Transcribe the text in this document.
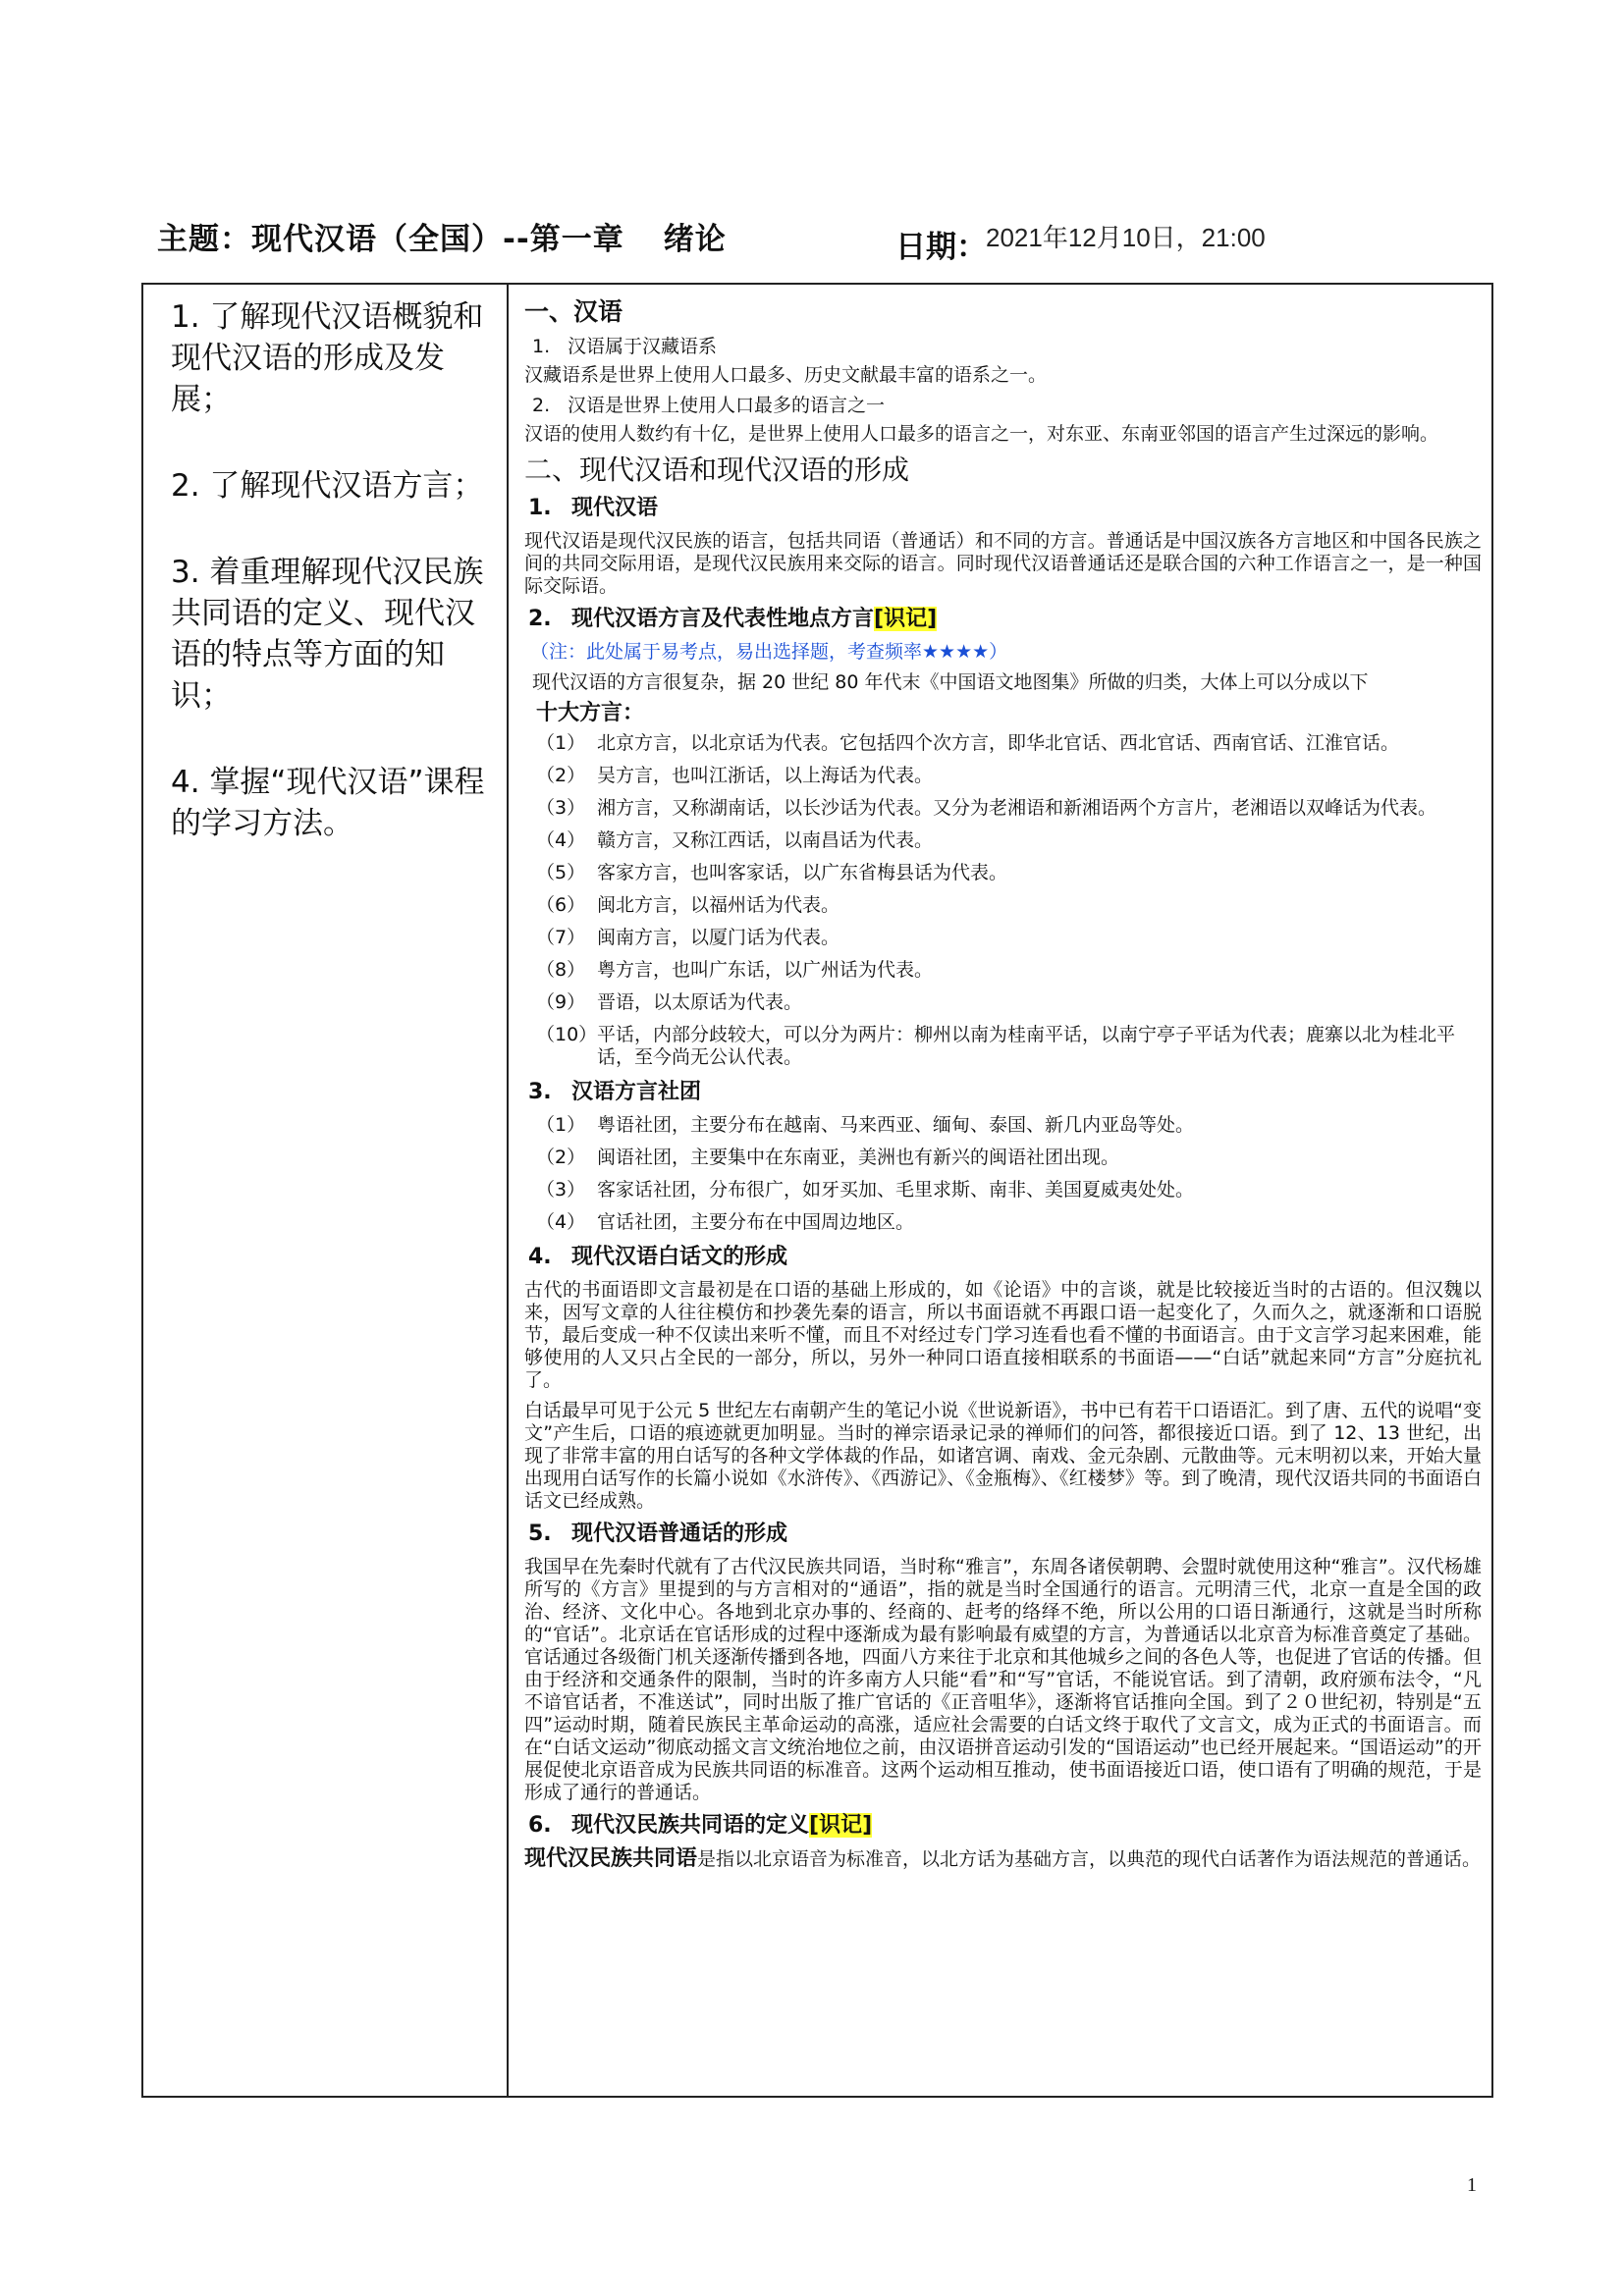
主题：现代汉语（全国）--第一章 绪论	日期： 2021年12月10日，21:00
1. 了解现代汉语概貌和现代汉语的形成及发展；
2. 了解现代汉语方言；
3. 着重理解现代汉民族共同语的定义、现代汉语的特点等方面的知识；
4. 掌握“现代汉语”课程的学习方法。
一、汉语
1. 汉语属于汉藏语系
汉藏语系是世界上使用人口最多、历史文献最丰富的语系之一。
2. 汉语是世界上使用人口最多的语言之一
汉语的使用人数约有十亿，是世界上使用人口最多的语言之一，对东亚、东南亚邻国的语言产生过深远的影响。
二、现代汉语和现代汉语的形成
1. 现代汉语
现代汉语是现代汉民族的语言，包括共同语（普通话）和不同的方言。普通话是中国汉族各方言地区和中国各民族之间的共同交际用语，是现代汉民族用来交际的语言。同时现代汉语普通话还是联合国的六种工作语言之一，是一种国际交际语。
2. 现代汉语方言及代表性地点方言[识记]
（注：此处属于易考点，易出选择题，考查频率★★★★）
现代汉语的方言很复杂，据 20 世纪 80 年代末《中国语文地图集》所做的归类，大体上可以分成以下
十大方言：
（1） 北京方言，以北京话为代表。它包括四个次方言，即华北官话、西北官话、西南官话、江淮官话。
（2） 吴方言，也叫江浙话，以上海话为代表。
（3） 湘方言，又称湖南话，以长沙话为代表。又分为老湘语和新湘语两个方言片，老湘语以双峰话为代表。
（4） 赣方言，又称江西话，以南昌话为代表。
（5） 客家方言，也叫客家话，以广东省梅县话为代表。
（6） 闽北方言，以福州话为代表。
（7） 闽南方言，以厦门话为代表。
（8） 粤方言，也叫广东话，以广州话为代表。
（9） 晋语，以太原话为代表。
（10） 平话，内部分歧较大，可以分为两片：柳州以南为桂南平话，以南宁亭子平话为代表；鹿寨以北为桂北平话，至今尚无公认代表。
3. 汉语方言社团
（1） 粤语社团，主要分布在越南、马来西亚、缅甸、泰国、新几内亚岛等处。
（2） 闽语社团，主要集中在东南亚，美洲也有新兴的闽语社团出现。
（3） 客家话社团，分布很广，如牙买加、毛里求斯、南非、美国夏威夷处处。
（4） 官话社团，主要分布在中国周边地区。
4. 现代汉语白话文的形成
古代的书面语即文言最初是在口语的基础上形成的，如《论语》中的言谈，就是比较接近当时的古语的。但汉魏以来，因写文章的人往往模仿和抄袭先秦的语言，所以书面语就不再跟口语一起变化了，久而久之，就逐渐和口语脱节，最后变成一种不仅读出来听不懂，而且不对经过专门学习连看也看不懂的书面语言。由于文言学习起来困难，能够使用的人又只占全民的一部分，所以，另外一种同口语直接相联系的书面语——“白话”就起来同“方言”分庭抗礼了。
白话最早可见于公元 5 世纪左右南朝产生的笔记小说《世说新语》，书中已有若干口语语汇。到了唐、五代的说唱“变文”产生后，口语的痕迹就更加明显。当时的禅宗语录记录的禅师们的问答，都很接近口语。到了 12、13 世纪，出现了非常丰富的用白话写的各种文学体裁的作品，如诸宫调、南戏、金元杂剧、元散曲等。元末明初以来，开始大量出现用白话写作的长篇小说如《水浒传》、《西游记》、《金瓶梅》、《红楼梦》等。到了晚清，现代汉语共同的书面语白话文已经成熟。
5. 现代汉语普通话的形成
我国早在先秦时代就有了古代汉民族共同语，当时称“雅言”，东周各诸侯朝聘、会盟时就使用这种“雅言”。汉代杨雄所写的《方言》里提到的与方言相对的“通语”，指的就是当时全国通行的语言。元明清三代，北京一直是全国的政治、经济、文化中心。各地到北京办事的、经商的、赶考的络绎不绝，所以公用的口语日渐通行，这就是当时所称的“官话”。北京话在官话形成的过程中逐渐成为最有影响最有威望的方言，为普通话以北京音为标准音奠定了基础。官话通过各级衙门机关逐渐传播到各地，四面八方来往于北京和其他城乡之间的各色人等，也促进了官话的传播。但由于经济和交通条件的限制，当时的许多南方人只能“看”和“写”官话，不能说官话。到了清朝，政府颁布法令，“凡不谙官话者，不准送试”，同时出版了推广官话的《正音咀华》，逐渐将官话推向全国。到了２０世纪初，特别是“五四”运动时期，随着民族民主革命运动的高涨，适应社会需要的白话文终于取代了文言文，成为正式的书面语言。而在“白话文运动”彻底动摇文言文统治地位之前，由汉语拼音运动引发的“国语运动”也已经开展起来。“国语运动”的开展促使北京语音成为民族共同语的标准音。这两个运动相互推动，使书面语接近口语，使口语有了明确的规范，于是形成了通行的普通话。
6. 现代汉民族共同语的定义[识记]
现代汉民族共同语是指以北京语音为标准音，以北方话为基础方言，以典范的现代白话著作为语法规范的普通话。
1
